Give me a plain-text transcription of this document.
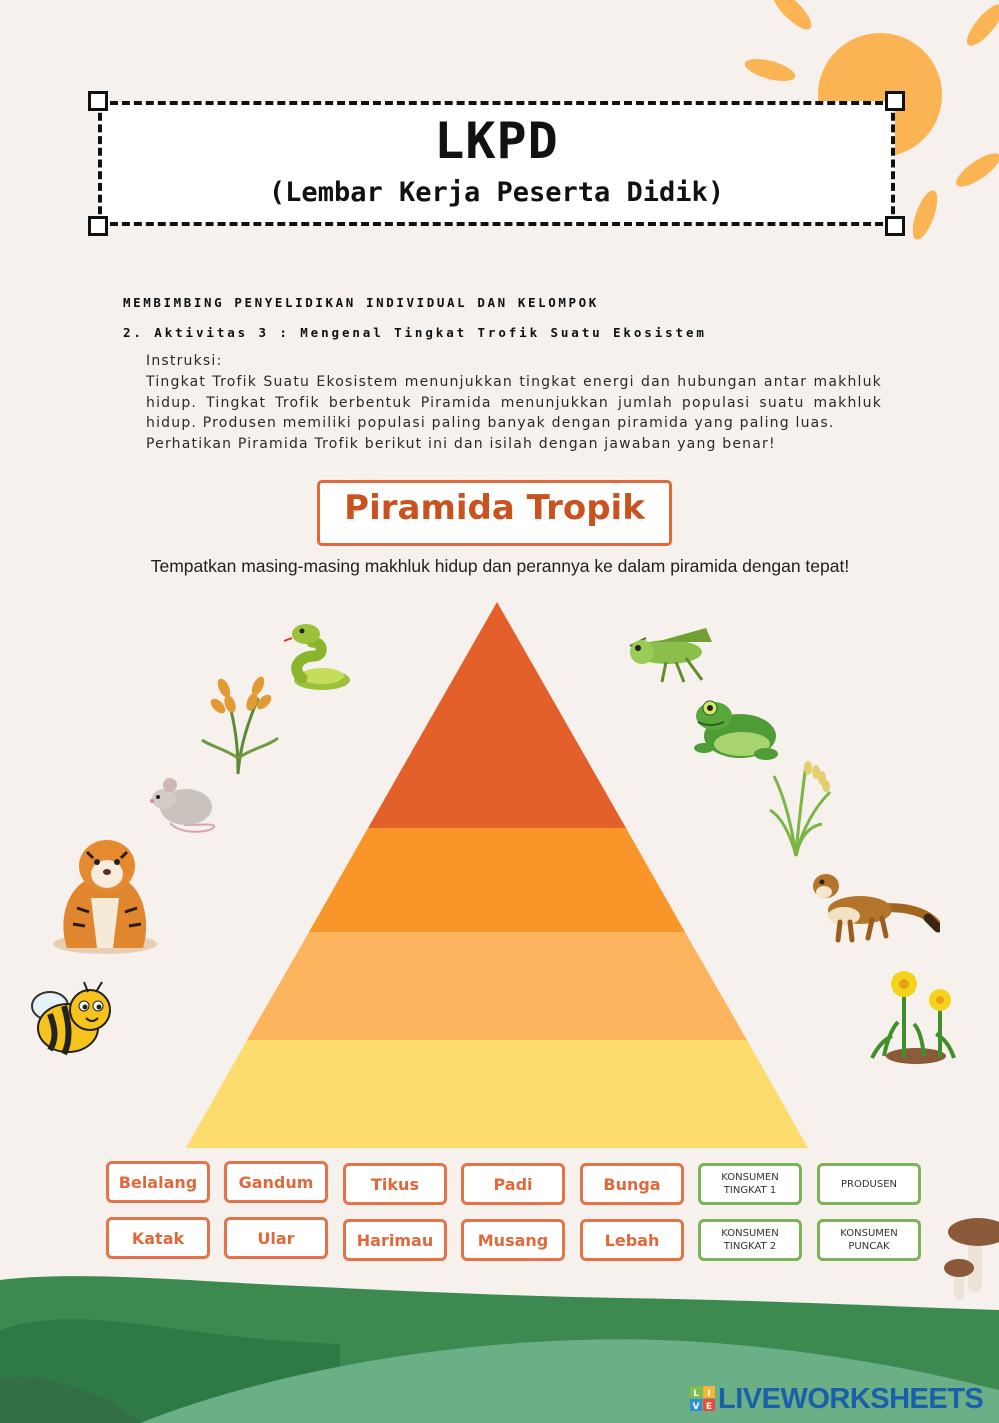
LKPD
(Lembar Kerja Peserta Didik)
MEMBIMBING PENYELIDIKAN INDIVIDUAL DAN KELOMPOK
2. Aktivitas 3 : Mengenal Tingkat Trofik Suatu Ekosistem

Instruksi:

Tingkat Trofik Suatu Ekosistem menunjukkan tingkat energi dan hubungan antar makhluk hidup. Tingkat Trofik berbentuk Piramida menunjukkan jumlah populasi suatu makhluk hidup. Produsen memiliki populasi paling banyak dengan piramida yang paling luas.

Perhatikan Piramida Trofik berikut ini dan isilah dengan jawaban yang benar!

Piramida Tropik
Tempatkan masing-masing makhluk hidup dan perannya ke dalam piramida dengan tepat!
Belalang	Gandum	Tikus	Padi	Bunga
Katak	Ular	Harimau	Musang	Lebah
KONSUMEN TINGKAT 1
PRODUSEN
KONSUMEN TINGKAT 2
KONSUMEN PUNCAK
L I
V E LIVEWORKSHEETS
